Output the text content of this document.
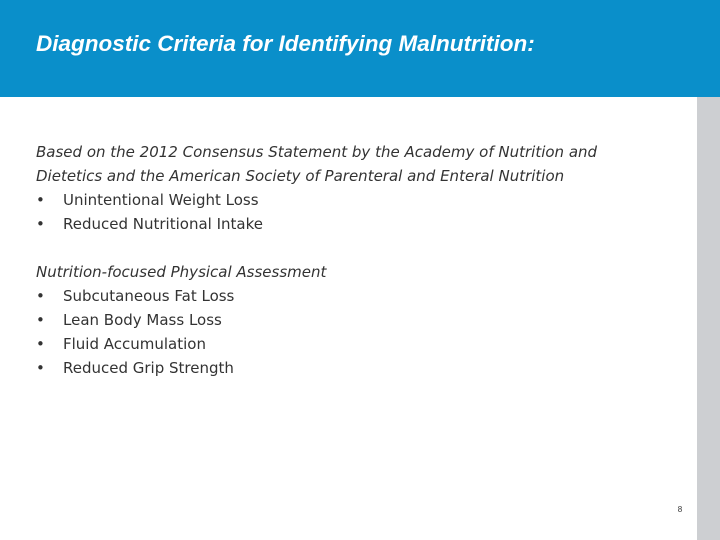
Diagnostic Criteria for Identifying Malnutrition:

Based on the 2012 Consensus Statement by the Academy of Nutrition and Dietetics and the American Society of Parenteral and Enteral Nutrition

• Unintentional Weight Loss
• Reduced Nutritional Intake

Nutrition-focused Physical Assessment

• Subcutaneous Fat Loss
• Lean Body Mass Loss
• Fluid Accumulation
• Reduced Grip Strength
8
